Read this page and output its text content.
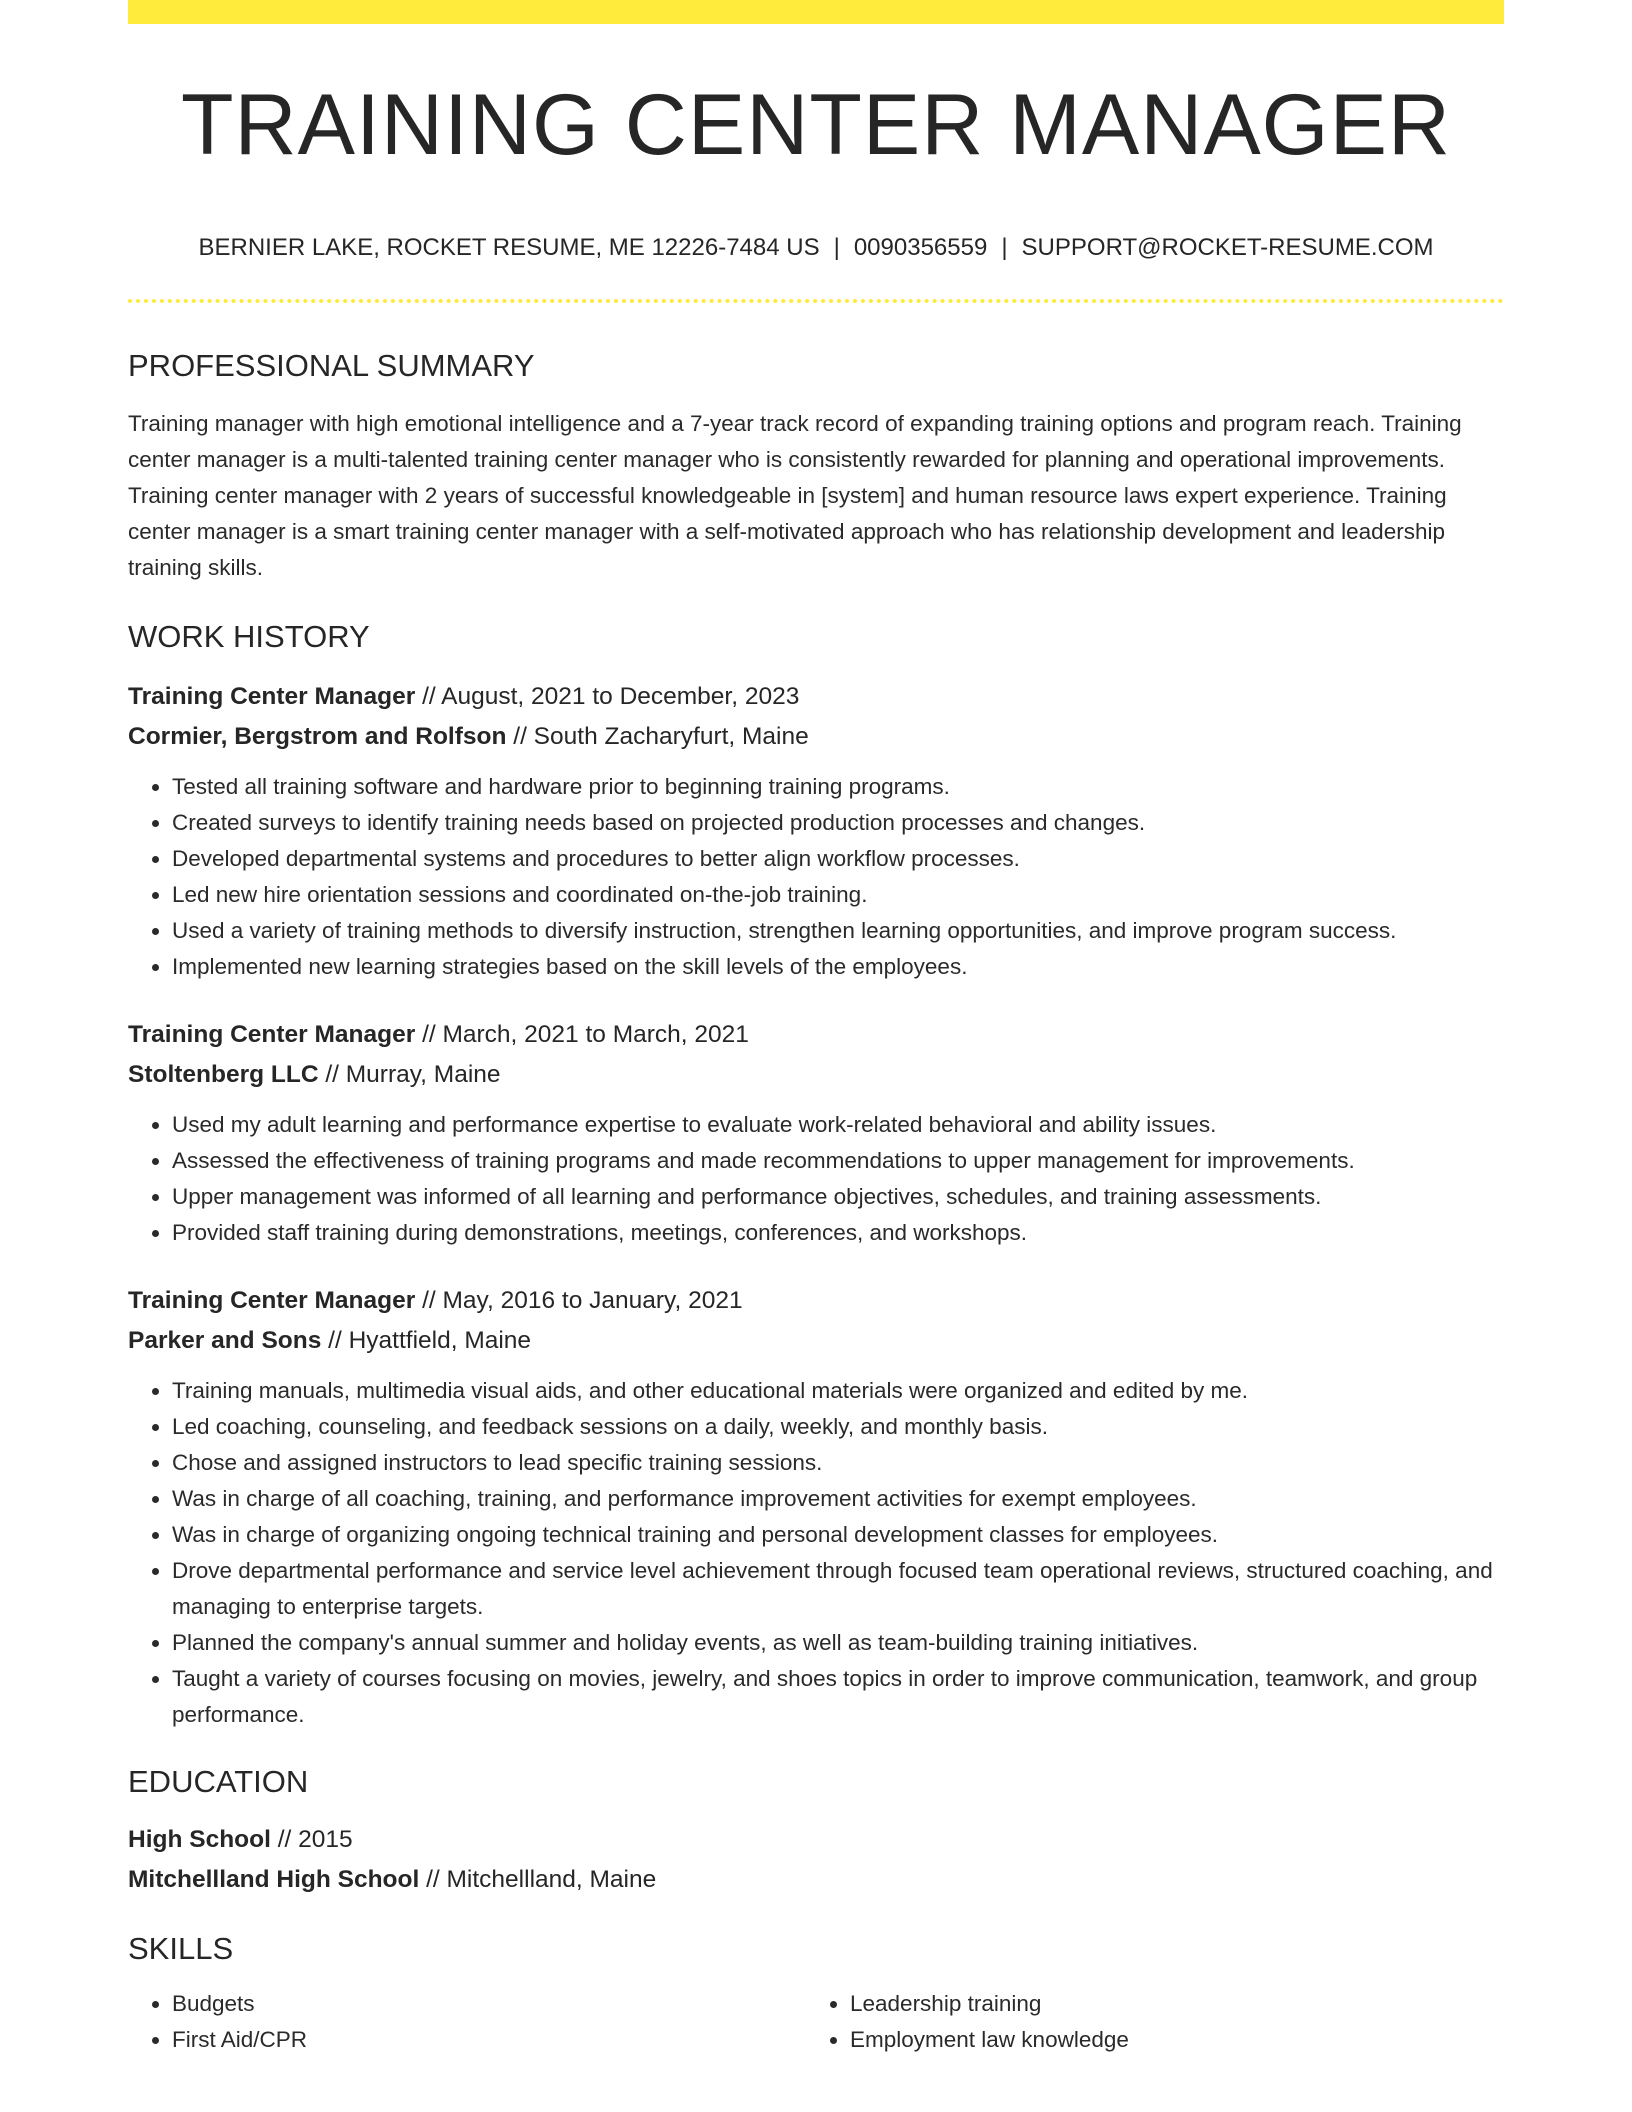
TRAINING CENTER MANAGER
BERNIER LAKE, ROCKET RESUME, ME 12226-7484 US | 0090356559 | SUPPORT@ROCKET-RESUME.COM
PROFESSIONAL SUMMARY

Training manager with high emotional intelligence and a 7-year track record of expanding training options and program reach. Training center manager is a multi-talented training center manager who is consistently rewarded for planning and operational improvements. Training center manager with 2 years of successful knowledgeable in [system] and human resource laws expert experience. Training center manager is a smart training center manager with a self-motivated approach who has relationship development and leadership training skills.

WORK HISTORY
Training Center Manager // August, 2021 to December, 2023
Cormier, Bergstrom and Rolfson // South Zacharyfurt, Maine
• Tested all training software and hardware prior to beginning training programs.
• Created surveys to identify training needs based on projected production processes and changes.
• Developed departmental systems and procedures to better align workflow processes.
• Led new hire orientation sessions and coordinated on-the-job training.
• Used a variety of training methods to diversify instruction, strengthen learning opportunities, and improve program success.
• Implemented new learning strategies based on the skill levels of the employees.
Training Center Manager // March, 2021 to March, 2021
Stoltenberg LLC // Murray, Maine
• Used my adult learning and performance expertise to evaluate work-related behavioral and ability issues.
• Assessed the effectiveness of training programs and made recommendations to upper management for improvements.
• Upper management was informed of all learning and performance objectives, schedules, and training assessments.
• Provided staff training during demonstrations, meetings, conferences, and workshops.
Training Center Manager // May, 2016 to January, 2021
Parker and Sons // Hyattfield, Maine
• Training manuals, multimedia visual aids, and other educational materials were organized and edited by me.
• Led coaching, counseling, and feedback sessions on a daily, weekly, and monthly basis.
• Chose and assigned instructors to lead specific training sessions.
• Was in charge of all coaching, training, and performance improvement activities for exempt employees.
• Was in charge of organizing ongoing technical training and personal development classes for employees.
• Drove departmental performance and service level achievement through focused team operational reviews, structured coaching, and managing to enterprise targets.
• Planned the company's annual summer and holiday events, as well as team-building training initiatives.
• Taught a variety of courses focusing on movies, jewelry, and shoes topics in order to improve communication, teamwork, and group performance.
EDUCATION
High School // 2015
Mitchellland High School // Mitchellland, Maine
SKILLS
• Budgets
• First Aid/CPR
• Leadership training
• Employment law knowledge
